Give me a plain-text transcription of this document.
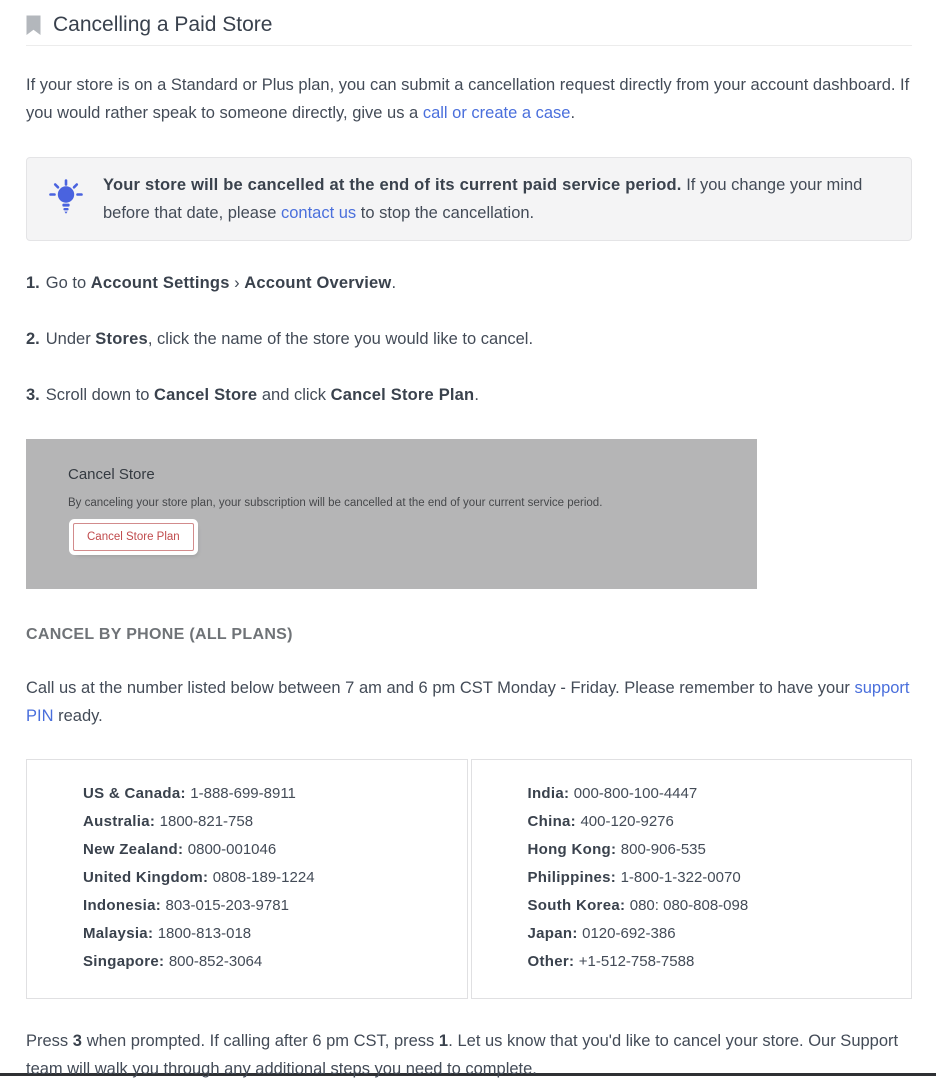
Cancelling a Paid Store

If your store is on a Standard or Plus plan, you can submit a cancellation request directly from your account dashboard. If you would rather speak to someone directly, give us a call or create a case.

Your store will be cancelled at the end of its current paid service period. If you change your mind before that date, please contact us to stop the cancellation.

1. Go to Account Settings › Account Overview.

2. Under Stores, click the name of the store you would like to cancel.

3. Scroll down to Cancel Store and click Cancel Store Plan.

Cancel Store

By canceling your store plan, your subscription will be cancelled at the end of your current service period.

Cancel Store Plan
CANCEL BY PHONE (ALL PLANS)

Call us at the number listed below between 7 am and 6 pm CST Monday - Friday. Please remember to have your support PIN ready.

US & Canada: 1-888-699-8911
Australia: 1800-821-758
New Zealand: 0800-001046
United Kingdom: 0808-189-1224
Indonesia: 803-015-203-9781
Malaysia: 1800-813-018
Singapore: 800-852-3064
India: 000-800-100-4447
China: 400-120-9276
Hong Kong: 800-906-535
Philippines: 1-800-1-322-0070
South Korea: 080: 080-808-098
Japan: 0120-692-386
Other: +1-512-758-7588

Press 3 when prompted. If calling after 6 pm CST, press 1. Let us know that you'd like to cancel your store. Our Support team will walk you through any additional steps you need to complete.
